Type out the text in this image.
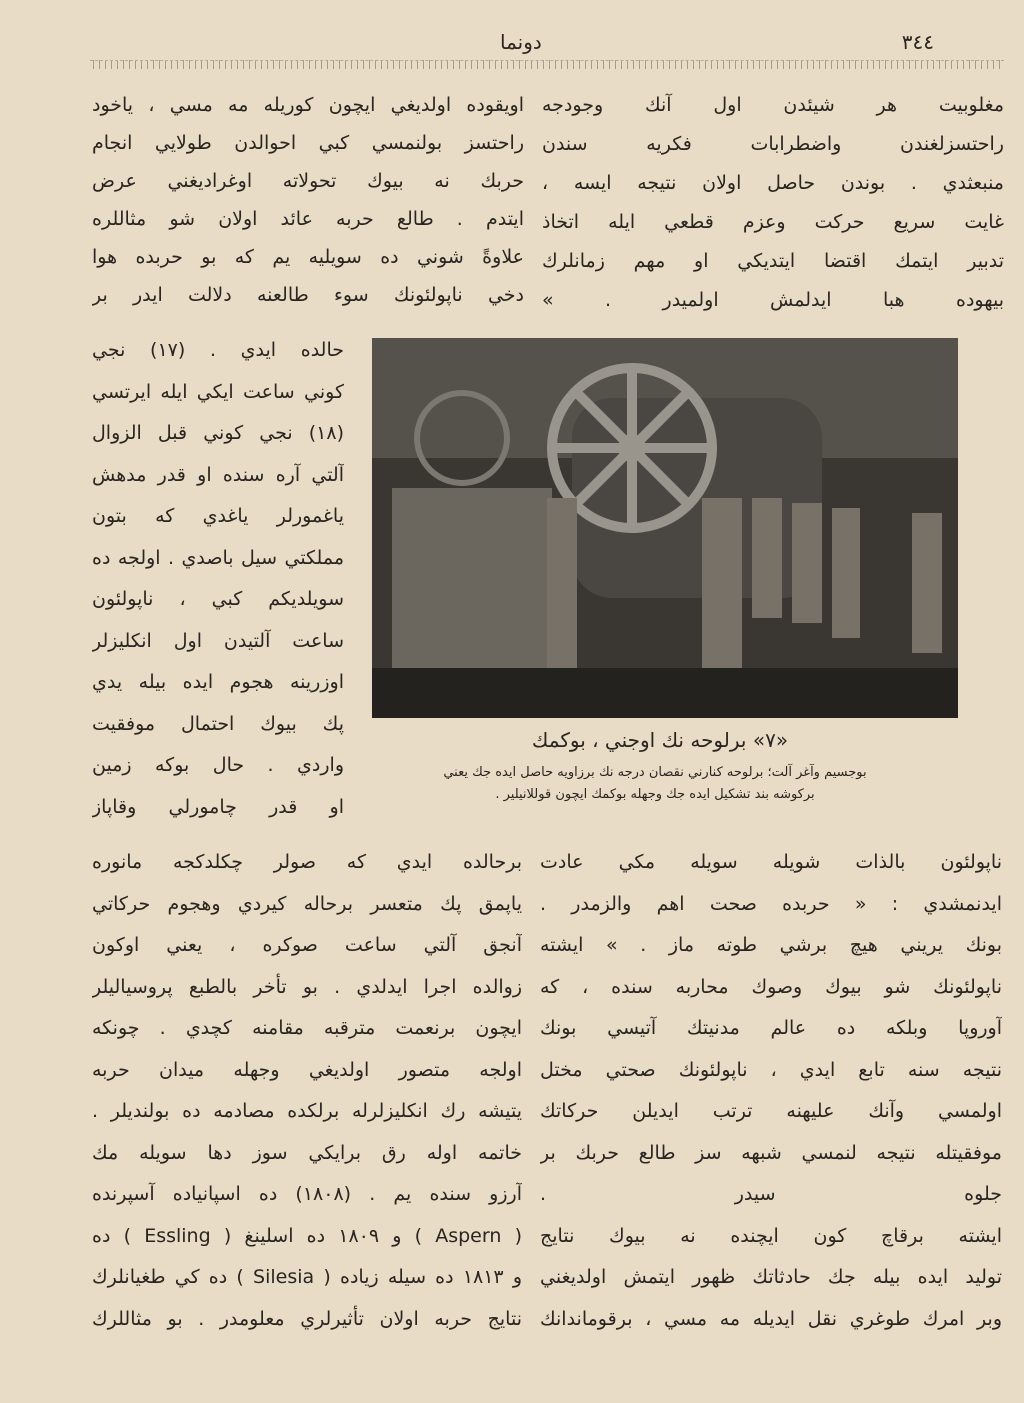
٣٤٤
دونما
مغلوبيت هر شيئدن اول آنك وجودجه
راحتسزلغندن واضطرابات فكريه سندن
منبعثدي . بوندن حاصل اولان نتيجه ايسه ،
غايت سريع حركت وعزم قطعي ايله اتخاذ
تدبير ايتمك اقتضا ايتديكي او مهم زمانلرك
بيهوده هبا ايدلمش اولميدر . »
اويقوده اولديغي ايچون كوريله مه مسي ، ياخود
راحتسز بولنمسي كبي احوالدن طولايي انجام
حربك نه بيوك تحولاته اوغراديغني عرض
ايتدم . طالع حربه عائد اولان شو مثاللره
علاوةً شوني ده سويليه يم كه بو حربده هوا
دخي ناپولئونك سوء طالعنه دلالت ايدر بر
حالده ايدي . (١٧) نجي
كوني ساعت ايكي ايله ايرتسي
(١٨) نجي كوني قبل الزوال
آلتي آره سنده او قدر مدهش
ياغمورلر ياغدي كه بتون
مملكتي سيل باصدي . اولجه ده
سويلديكم كبي ، ناپولئون
ساعت آلتيدن اول انكليزلر
اوزرينه هجوم ايده بيله يدي
پك بيوك احتمال موفقيت
واردي . حال بوكه زمين
او قدر چامورلي وقاپاز
«٧» برلوحه نك اوجني ، بوكمك
بوجسيم وآغر آلت؛ برلوحه كنارني نقصان درجه نك برزاويه حاصل ايده جك يعني
بركوشه بند تشكيل ايده جك وجهله بوكمك ايچون قوللانيلير .
برحالده ايدي كه صولر چكلدكجه مانوره
ياپمق پك متعسر برحاله كيردي وهجوم حركاتي
آنجق آلتي ساعت صوكره ، يعني اوكون
زوالده اجرا ايدلدي . بو تأخر بالطبع پروسياليلر
ايچون برنعمت مترقبه مقامنه كچدي . چونكه
اولجه متصور اولديغي وجهله ميدان حربه
يتيشه رك انكليزلرله برلكده مصادمه ده بولنديلر .
خاتمه اوله رق برايكي سوز دها سويله مك
آرزو سنده يم . (١٨٠٨) ده اسپانياده آسپرنده
( Aspern ) و ١٨٠٩ ده اسلينغ ( Essling ) ده
و ١٨١٣ ده سيله زياده ( Silesia ) ده كي طغيانلرك
نتايج حربه اولان تأثيرلري معلومدر . بو مثاللرك
ناپولئون بالذات شويله سويله مكي عادت
ايدنمشدي : « حربده صحت اهم والزمدر .
بونك يريني هيچ برشي طوته ماز . » ايشته
ناپولئونك شو بيوك وصوك محاربه سنده ، كه
آوروپا وبلكه ده عالم مدنيتك آتيسي بونك
نتيجه سنه تابع ايدي ، ناپولئونك صحتي مختل
اولمسي وآنك عليهنه ترتب ايديلن حركاتك
موفقيتله نتيجه لنمسي شبهه سز طالع حربك بر
جلوه سيدر .
ايشته برقاچ كون ايچنده نه بيوك نتايج
توليد ايده بيله جك حادثاتك ظهور ايتمش اولديغني
وبر امرك طوغري نقل ايديله مه مسي ، برقوماندانك
